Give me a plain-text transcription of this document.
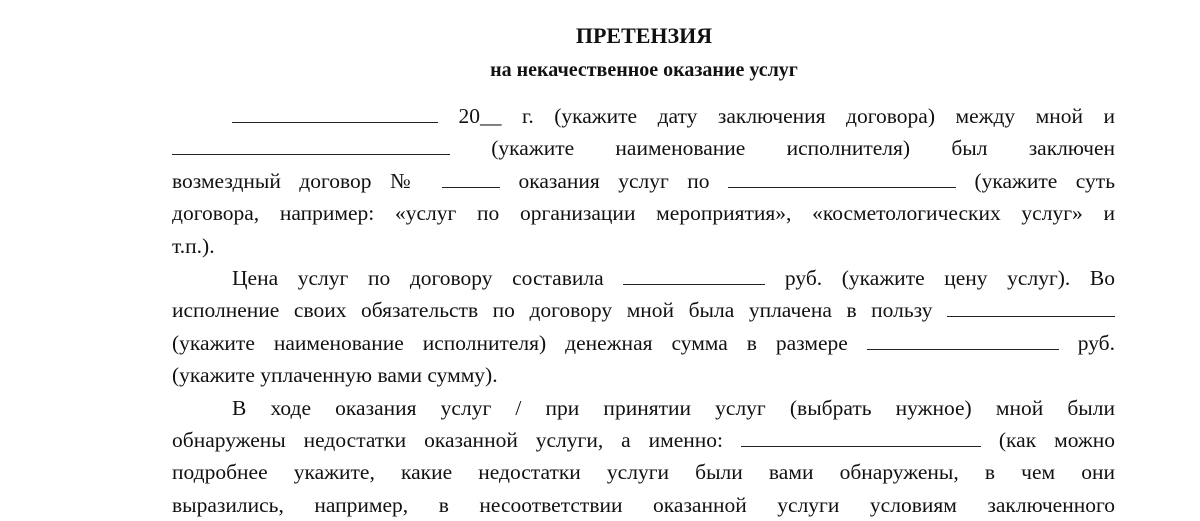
ПРЕТЕНЗИЯ
на некачественное оказание услуг
20__ г. (укажите дату заключения договора) между мной и
(укажите наименование исполнителя) был заключен
возмездный договор №	оказания услуг по	(укажите суть
договора, например: «услуг по организации мероприятия», «косметологических услуг» и
т.п.).
Цена услуг по договору составила	руб. (укажите цену услуг). Во
исполнение своих обязательств по договору мной была уплачена в пользу
(укажите наименование исполнителя) денежная сумма в размере	руб.
(укажите уплаченную вами сумму).
В ходе оказания услуг / при принятии услуг (выбрать нужное) мной были
обнаружены недостатки оказанной услуги, а именно:	(как можно
подробнее укажите, какие недостатки услуги были вами обнаружены, в чем они
выразились, например, в несоответствии оказанной услуги условиям заключенного
